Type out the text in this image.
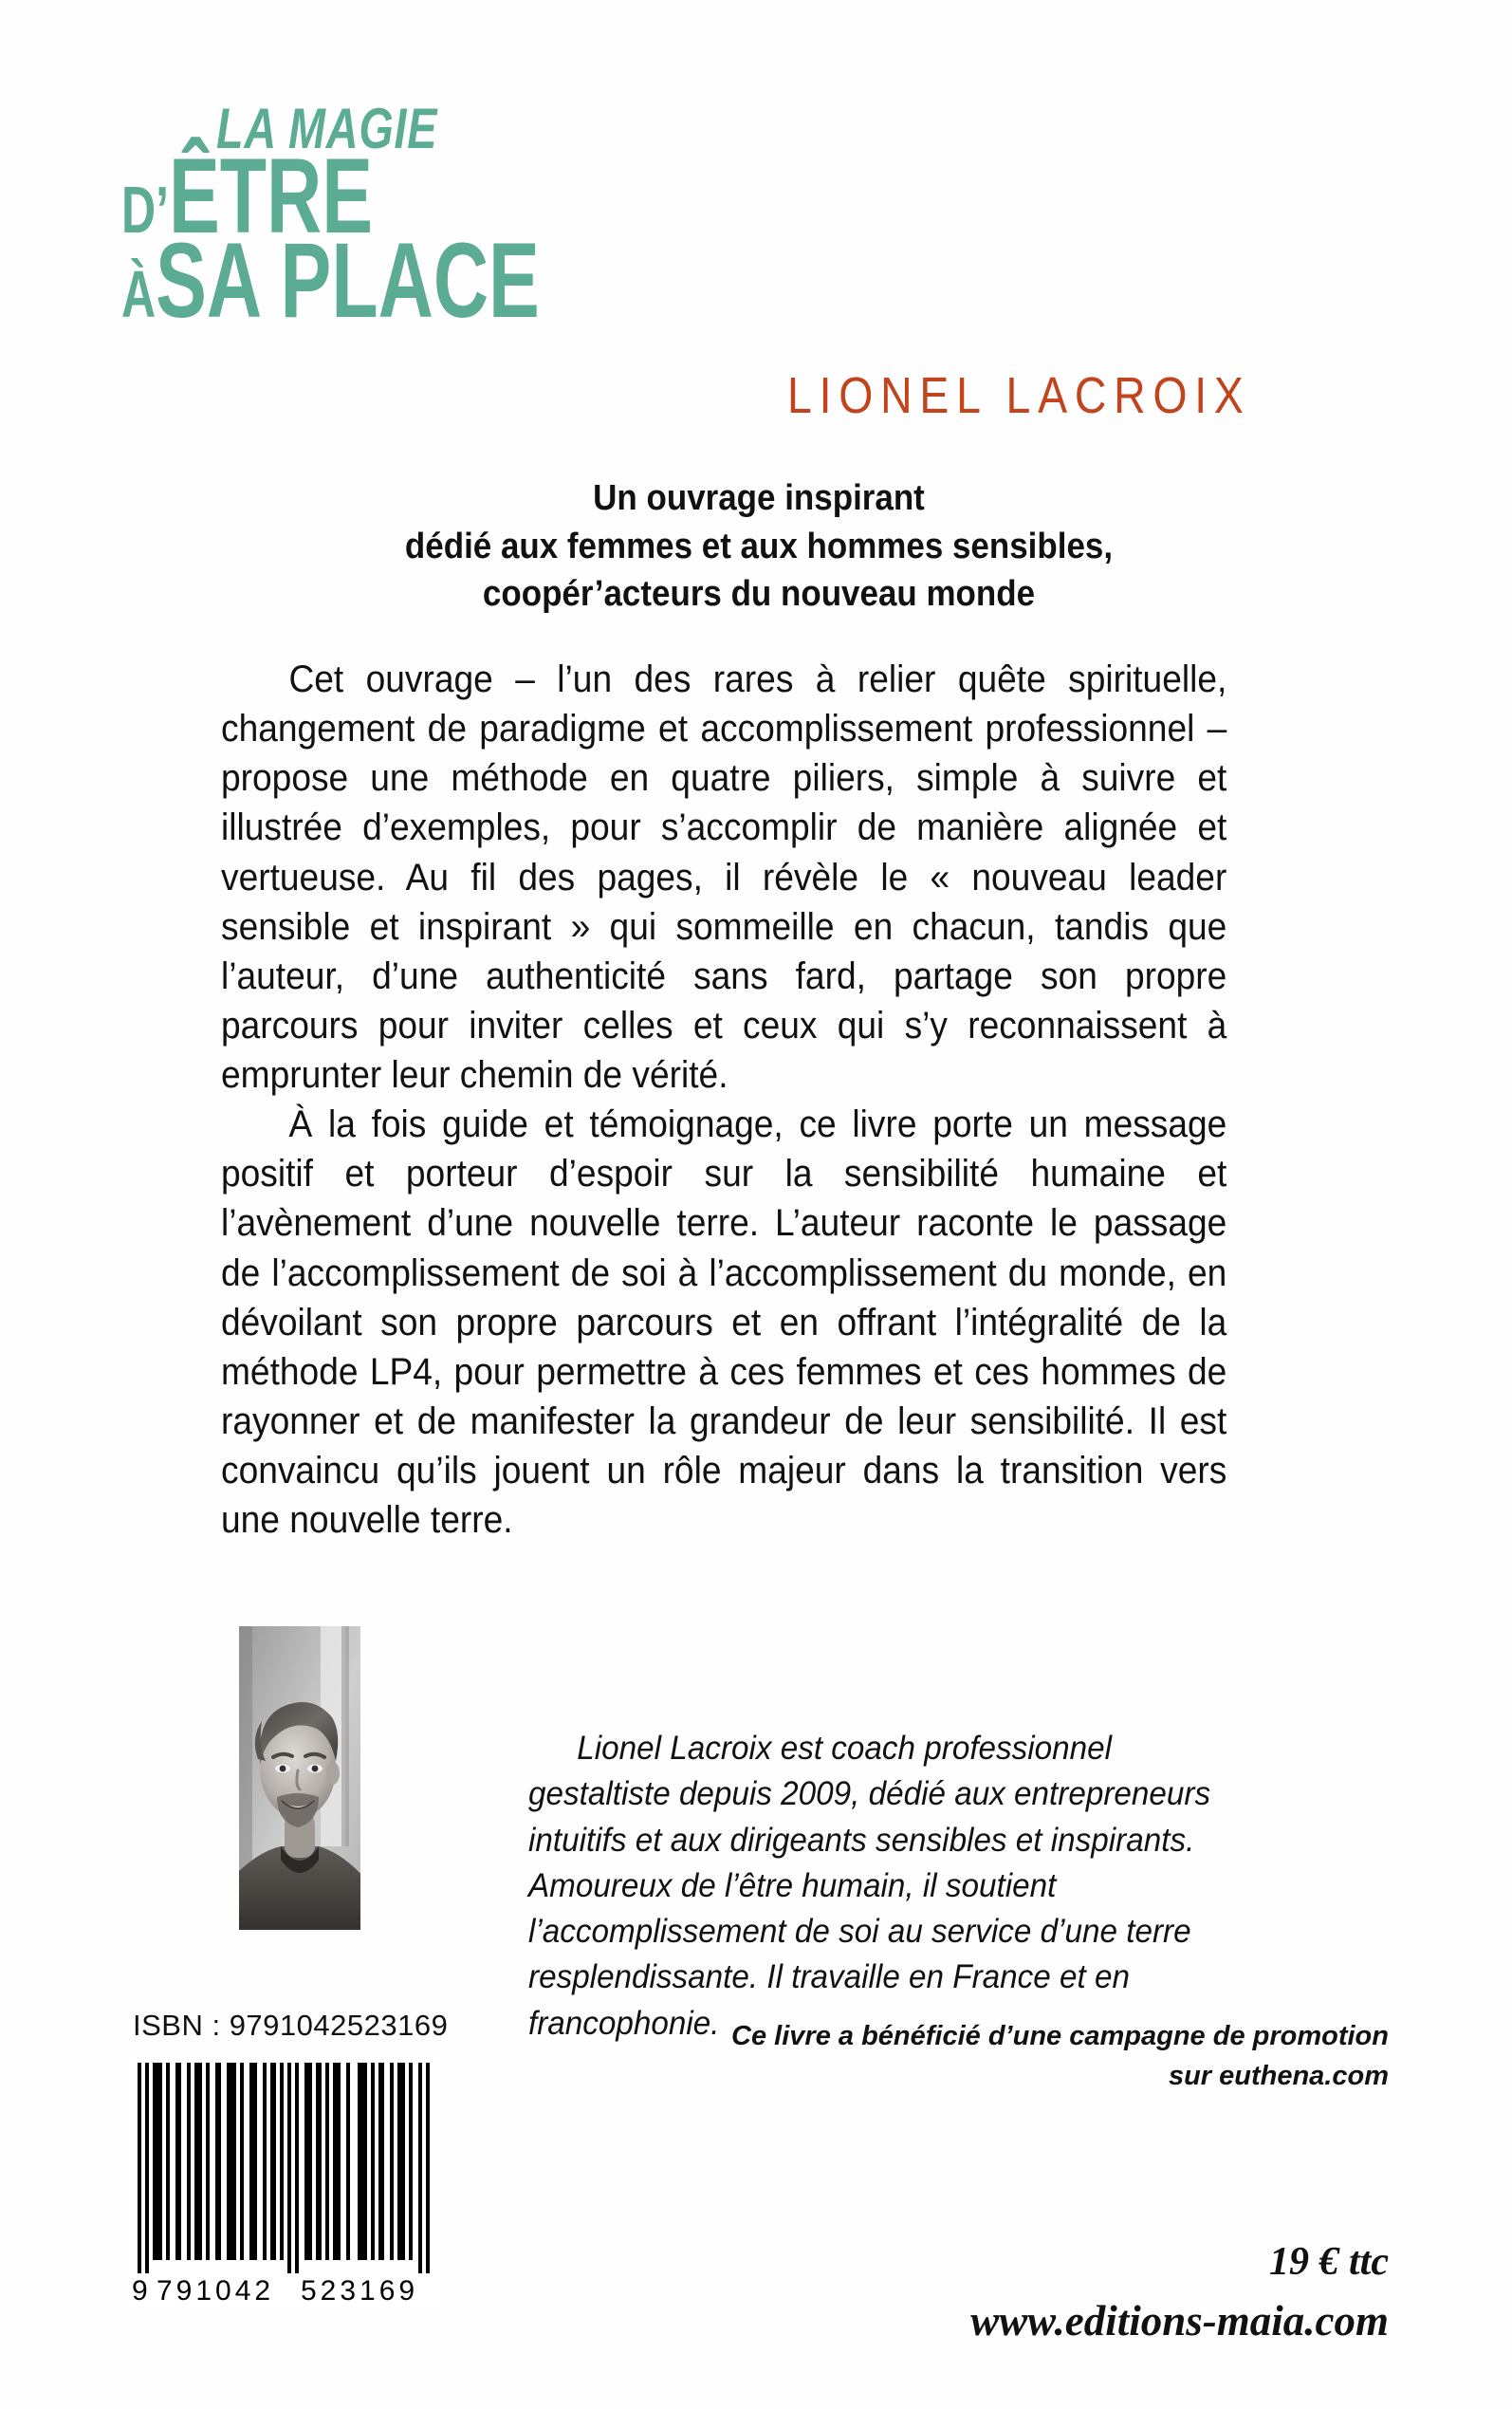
LA MAGIE
D’ÊTRE
ÀSA PLACE
LIONEL LACROIX
Un ouvrage inspirant
dédié aux femmes et aux hommes sensibles,
coopér’acteurs du nouveau monde

Cet ouvrage – l’un des rares à relier quête spirituelle, changement de paradigme et accomplissement professionnel – propose une méthode en quatre piliers, simple à suivre et illustrée d’exemples, pour s’accomplir de manière alignée et vertueuse. Au fil des pages, il révèle le « nouveau leader sensible et inspirant » qui sommeille en chacun, tandis que l’auteur, d’une authenticité sans fard, partage son propre parcours pour inviter celles et ceux qui s’y reconnaissent à emprunter leur chemin de vérité.

À la fois guide et témoignage, ce livre porte un message positif et porteur d’espoir sur la sensibilité humaine et l’avènement d’une nouvelle terre. L’auteur raconte le passage de l’accomplissement de soi à l’accomplissement du monde, en dévoilant son propre parcours et en offrant l’intégralité de la méthode LP4, pour permettre à ces femmes et ces hommes de rayonner et de manifester la grandeur de leur sensibilité. Il est convaincu qu’ils jouent un rôle majeur dans la transition vers une nouvelle terre.

Lionel Lacroix est coach professionnel gestaltiste depuis 2009, dédié aux entrepreneurs intuitifs et aux dirigeants sensibles et inspirants. Amoureux de l’être humain, il soutient l’accomplissement de soi au service d’une terre resplendissante. Il travaille en France et en francophonie.

ISBN : 9791042523169
9 791042 523169
Ce livre a bénéficié d’une campagne de promotion
sur euthena.com
19 € ttc
www.editions-maia.com
